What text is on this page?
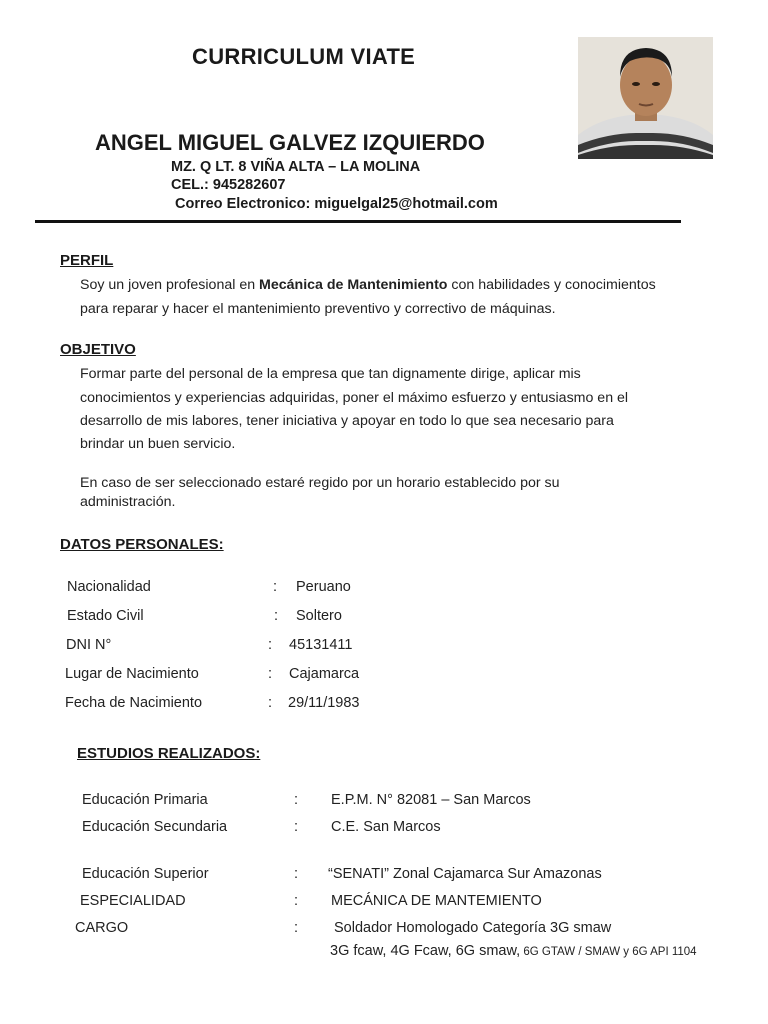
CURRICULUM VIATE
ANGEL MIGUEL GALVEZ IZQUIERDO
MZ. Q LT. 8 VIÑA ALTA – LA MOLINA
CEL.: 945282607
Correo Electronico: miguelgal25@hotmail.com
PERFIL
Soy un joven profesional en Mecánica de Mantenimiento con habilidades y conocimientos
para reparar y hacer el mantenimiento preventivo y correctivo de máquinas.
OBJETIVO
Formar parte del personal de la empresa que tan dignamente dirige, aplicar mis
conocimientos y experiencias adquiridas, poner el máximo esfuerzo y entusiasmo en el
desarrollo de mis labores, tener iniciativa y apoyar en todo lo que sea necesario para
brindar un buen servicio.
En caso de ser seleccionado estaré regido por un horario establecido por su
administración.
DATOS PERSONALES:
Nacionalidad	: Peruano
Estado Civil	: Soltero
DNI N°	: 45131411
Lugar de Nacimiento	: Cajamarca
Fecha de Nacimiento	: 29/11/1983
ESTUDIOS REALIZADOS:
Educación Primaria	: E.P.M. N° 82081 – San Marcos
Educación Secundaria	: C.E. San Marcos
Educación Superior	: “SENATI” Zonal Cajamarca Sur Amazonas
ESPECIALIDAD	: MECÁNICA DE MANTEMIENTO
CARGO	: Soldador Homologado Categoría 3G smaw
3G fcaw, 4G Fcaw, 6G smaw, 6G GTAW / SMAW y 6G API 1104
